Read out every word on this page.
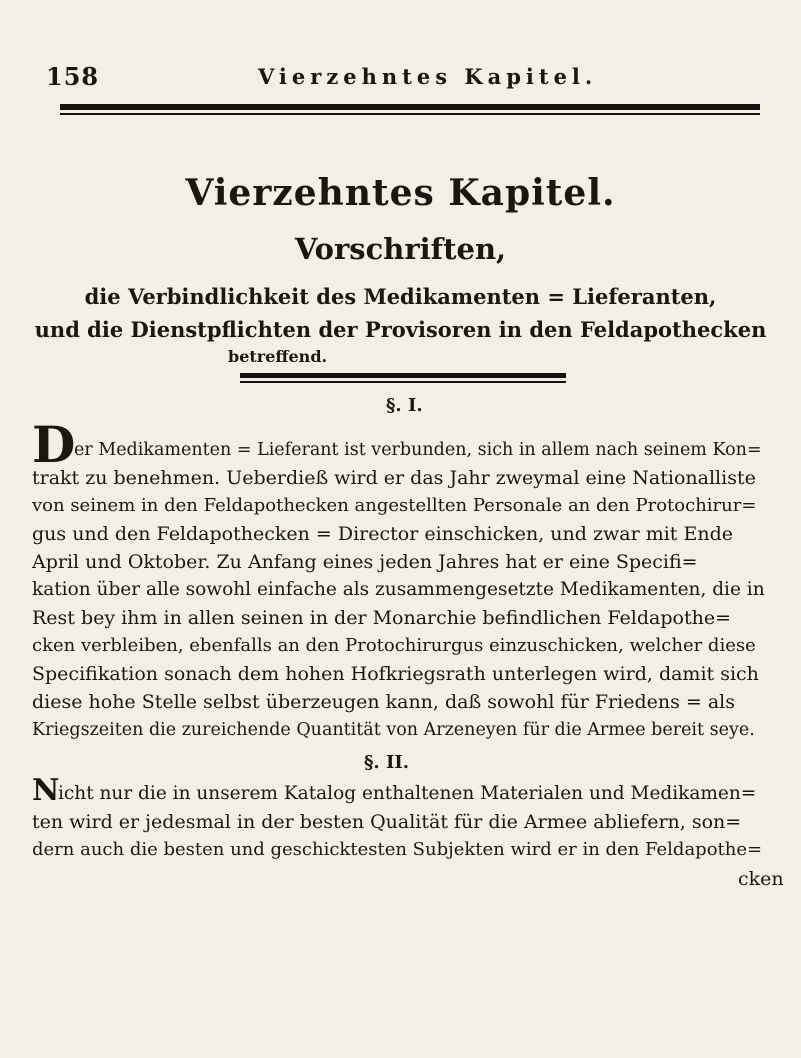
158	Vierzehntes Kapitel.
Vierzehntes Kapitel.
Vorschriften,
die Verbindlichkeit des Medikamenten = Lieferanten,
und die Dienstpflichten der Provisoren in den Feldapothecken
betreffend.
§. I.
D
er Medikamenten = Lieferant ist verbunden, sich in allem nach seinem Kon=
trakt zu benehmen. Ueberdieß wird er das Jahr zweymal eine Nationalliste
von seinem in den Feldapothecken angestellten Personale an den Protochirur=
gus und den Feldapothecken = Director einschicken, und zwar mit Ende
April und Oktober. Zu Anfang eines jeden Jahres hat er eine Specifi=
kation über alle sowohl einfache als zusammengesetzte Medikamenten, die in
Rest bey ihm in allen seinen in der Monarchie befindlichen Feldapothe=
cken verbleiben, ebenfalls an den Protochirurgus einzuschicken, welcher diese
Specifikation sonach dem hohen Hofkriegsrath unterlegen wird, damit sich
diese hohe Stelle selbst überzeugen kann, daß sowohl für Friedens = als
Kriegszeiten die zureichende Quantität von Arzeneyen für die Armee bereit seye.
§. II.
N
icht nur die in unserem Katalog enthaltenen Materialen und Medikamen=
ten wird er jedesmal in der besten Qualität für die Armee abliefern, son=
dern auch die besten und geschicktesten Subjekten wird er in den Feldapothe=
cken
